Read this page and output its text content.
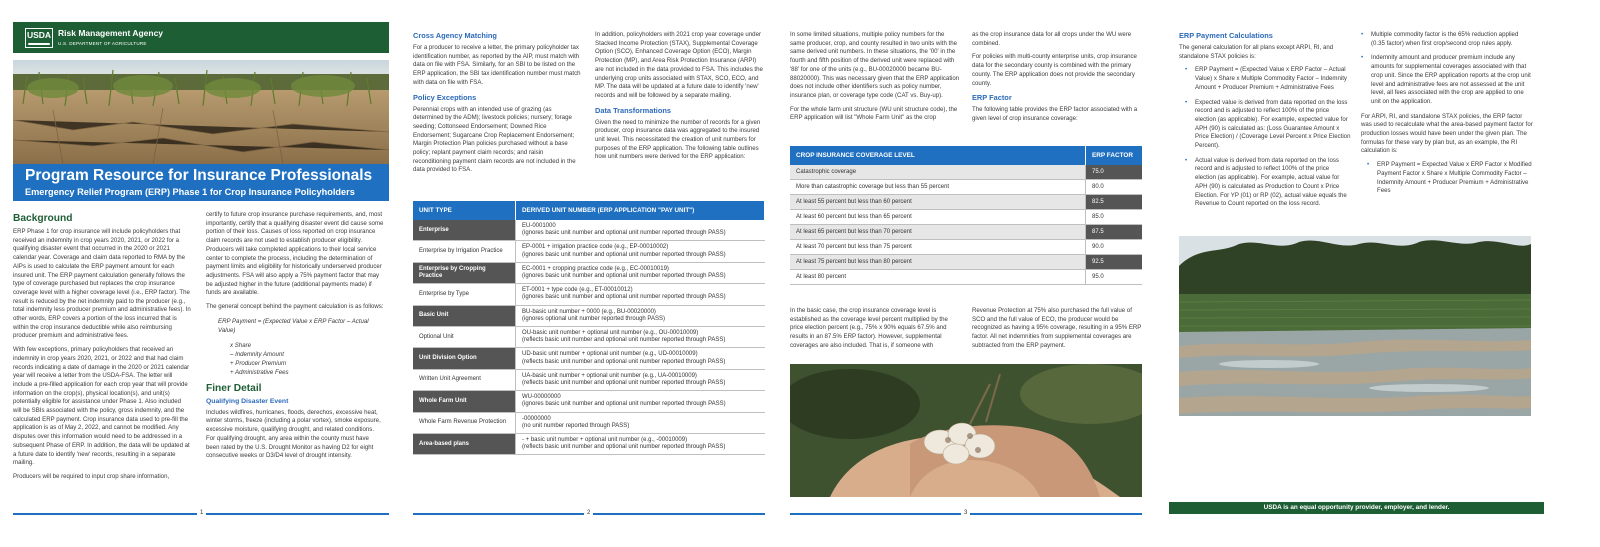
USDA Risk Management Agency
U.S. DEPARTMENT OF AGRICULTURE
Program Resource for Insurance Professionals
Emergency Relief Program (ERP) Phase 1 for Crop Insurance Policyholders
Background

ERP Phase 1 for crop insurance will include policyholders that received an indemnity in crop years 2020, 2021, or 2022 for a qualifying disaster event that occurred in the 2020 or 2021 calendar year. Coverage and claim data reported to RMA by the AIPs is used to calculate the ERP payment amount for each insured unit. The ERP payment calculation generally follows the type of coverage purchased but replaces the crop insurance coverage level with a higher coverage level (i.e., ERP factor). The result is reduced by the net indemnity paid to the producer (e.g., total indemnity less producer premium and administrative fees). In other words, ERP covers a portion of the loss incurred that is within the crop insurance deductible while also reimbursing producer premium and administrative fees.

With few exceptions, primary policyholders that received an indemnity in crop years 2020, 2021, or 2022 and that had claim records indicating a date of damage in the 2020 or 2021 calendar year will receive a letter from the USDA-FSA. The letter will include a pre-filled application for each crop year that will provide information on the crop(s), physical location(s), and unit(s) potentially eligible for assistance under Phase 1. Also included will be SBIs associated with the policy, gross indemnity, and the calculated ERP payment. Crop insurance data used to pre-fill the application is as of May 2, 2022, and cannot be modified. Any disputes over this information would need to be addressed in a subsequent Phase of ERP. In addition, the data will be updated at a future date to identify 'new' records, resulting in a separate mailing.

Producers will be required to input crop share information,

certify to future crop insurance purchase requirements, and, most importantly, certify that a qualifying disaster event did cause some portion of their loss. Causes of loss reported on crop insurance claim records are not used to establish producer eligibility. Producers will take completed applications to their local service center to complete the process, including the determination of payment limits and eligibility for historically underserved producer adjustments. FSA will also apply a 75% payment factor that may be adjusted higher in the future (additional payments made) if funds are available.

The general concept behind the payment calculation is as follows:

ERP Payment = (Expected Value x ERP Factor – Actual Value)
x Share
– Indemnity Amount
+ Producer Premium
+ Administrative Fees
Finer Detail
Qualifying Disaster Event

Includes wildfires, hurricanes, floods, derechos, excessive heat, winter storms, freeze (including a polar vortex), smoke exposure, excessive moisture, qualifying drought, and related conditions. For qualifying drought, any area within the county must have been rated by the U.S. Drought Monitor as having D2 for eight consecutive weeks or D3/D4 level of drought intensity.

1
Cross Agency Matching

For a producer to receive a letter, the primary policyholder tax identification number, as reported by the AIP, must match with data on file with FSA. Similarly, for an SBI to be listed on the ERP application, the SBI tax identification number must match with data on file with FSA.

Policy Exceptions

Perennial crops with an intended use of grazing (as determined by the ADM); livestock policies; nursery; forage seeding; Cottonseed Endorsement; Downed Rice Endorsement; Sugarcane Crop Replacement Endorsement; Margin Protection Plan policies purchased without a base policy; replant payment claim records; and raisin reconditioning payment claim records are not included in the data provided to FSA.

In addition, policyholders with 2021 crop year coverage under Stacked Income Protection (STAX), Supplemental Coverage Option (SCO), Enhanced Coverage Option (ECO), Margin Protection (MP), and Area Risk Protection Insurance (ARPI) are not included in the data provided to FSA. This includes the underlying crop units associated with STAX, SCO, ECO, and MP. The data will be updated at a future date to identify 'new' records and will be followed by a separate mailing.

Data Transformations

Given the need to minimize the number of records for a given producer, crop insurance data was aggregated to the insured unit level. This necessitated the creation of unit numbers for purposes of the ERP application. The following table outlines how unit numbers were derived for the ERP application:

UNIT TYPE	DERIVED UNIT NUMBER (ERP APPLICATION "PAY UNIT")
Enterprise	EU-0001000
(ignores basic unit number and optional unit number reported through PASS)

Enterprise by Irrigation Practice	EP-0001 + irrigation practice code (e.g., EP-00010002)
(ignores basic unit number and optional unit number reported through PASS)

Enterprise by Cropping Practice	EC-0001 + cropping practice code (e.g., EC-00010019)
(ignores basic unit number and optional unit number reported through PASS)

Enterprise by Type	ET-0001 + type code (e.g., ET-00010012)
(ignores basic unit number and optional unit number reported through PASS)

Basic Unit	BU-basic unit number + 0000 (e.g., BU-00020000)
(ignores optional unit number reported through PASS)

Optional Unit	OU-basic unit number + optional unit number (e.g., OU-00010009)
(reflects basic unit number and optional unit number reported through PASS)

Unit Division Option	UD-basic unit number + optional unit number (e.g., UD-00010009)
(reflects basic unit number and optional unit number reported through PASS)

Written Unit Agreement	UA-basic unit number + optional unit number (e.g., UA-00010009)
(reflects basic unit number and optional unit number reported through PASS)

Whole Farm Unit	WU-00000000
(ignores basic unit number and optional unit number reported through PASS)

Whole Farm Revenue Protection	-00000000
(no unit number reported through PASS)

Area-based plans	- + basic unit number + optional unit number (e.g., -00010009)
(reflects basic unit number and optional unit number reported through PASS)
2

In some limited situations, multiple policy numbers for the same producer, crop, and county resulted in two units with the same derived unit numbers. In these situations, the '00' in the fourth and fifth position of the derived unit were replaced with '88' for one of the units (e.g., BU-00020000 became BU-88020000). This was necessary given that the ERP application does not include other identifiers such as policy number, insurance plan, or coverage type code (CAT vs. Buy-up).

For the whole farm unit structure (WU unit structure code), the ERP application will list "Whole Farm Unit" as the crop

as the crop insurance data for all crops under the WU were combined.

For policies with multi-county enterprise units, crop insurance data for the secondary county is combined with the primary county. The ERP application does not provide the secondary county.

ERP Factor

The following table provides the ERP factor associated with a given level of crop insurance coverage:

CROP INSURANCE COVERAGE LEVEL	ERP FACTOR
Catastrophic coverage	75.0
More than catastrophic coverage but less than 55 percent	80.0
At least 55 percent but less than 60 percent	82.5
At least 60 percent but less than 65 percent	85.0
At least 65 percent but less than 70 percent	87.5
At least 70 percent but less than 75 percent	90.0
At least 75 percent but less than 80 percent	92.5
At least 80 percent	95.0

In the basic case, the crop insurance coverage level is established as the coverage level percent multiplied by the price election percent (e.g., 75% x 90% equals 67.5% and results in an 87.5% ERP factor). However, supplemental coverages are also included. That is, if someone with

Revenue Protection at 75% also purchased the full value of SCO and the full value of ECO, the producer would be recognized as having a 95% coverage, resulting in a 95% ERP factor. All net indemnities from supplemental coverages are subtracted from the ERP payment.

3
ERP Payment Calculations

The general calculation for all plans except ARPI, RI, and standalone STAX policies is:

• ERP Payment = (Expected Value x ERP Factor – Actual Value) x Share x Multiple Commodity Factor – Indemnity Amount + Producer Premium + Administrative Fees
• Expected value is derived from data reported on the loss record and is adjusted to reflect 100% of the price election (as applicable). For example, expected value for APH (90) is calculated as: (Loss Guarantee Amount x Price Election) / (Coverage Level Percent x Price Election Percent).
• Actual value is derived from data reported on the loss record and is adjusted to reflect 100% of the price election (as applicable). For example, actual value for APH (90) is calculated as Production to Count x Price Election. For YP (01) or RP (02), actual value equals the Revenue to Count reported on the loss record.
• Multiple commodity factor is the 65% reduction applied (0.35 factor) when first crop/second crop rules apply.
• Indemnity amount and producer premium include any amounts for supplemental coverages associated with that crop unit. Since the ERP application reports at the crop unit level and administrative fees are not assessed at the unit level, all fees associated with the crop are applied to one unit on the application.

For ARPI, RI, and standalone STAX policies, the ERP factor was used to recalculate what the area-based payment factor for production losses would have been under the given plan. The formulas for these vary by plan but, as an example, the RI calculation is:

• ERP Payment = Expected Value x ERP Factor x Modified Payment Factor x Share x Multiple Commodity Factor – Indemnity Amount + Producer Premium + Administrative Fees
USDA is an equal opportunity provider, employer, and lender.
